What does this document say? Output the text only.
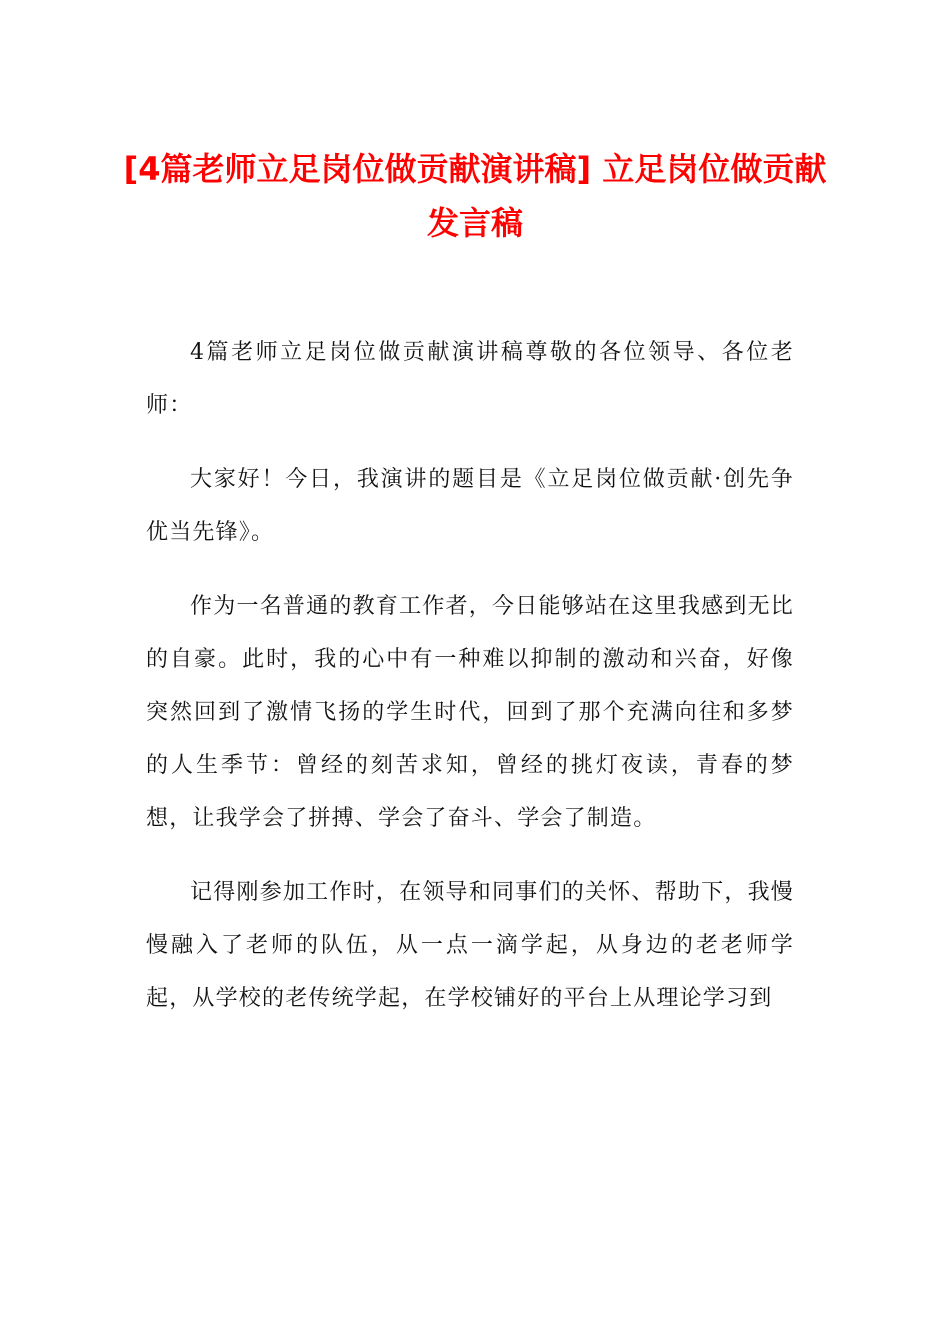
[4篇老师立足岗位做贡献演讲稿] 立足岗位做贡献发言稿

4篇老师立足岗位做贡献演讲稿尊敬的各位领导、各位老师：

大家好！今日，我演讲的题目是《立足岗位做贡献·创先争优当先锋》。

作为一名普通的教育工作者，今日能够站在这里我感到无比的自豪。此时，我的心中有一种难以抑制的激动和兴奋，好像突然回到了激情飞扬的学生时代，回到了那个充满向往和多梦的人生季节：曾经的刻苦求知，曾经的挑灯夜读，青春的梦想，让我学会了拼搏、学会了奋斗、学会了制造。

记得刚参加工作时，在领导和同事们的关怀、帮助下，我慢慢融入了老师的队伍，从一点一滴学起，从身边的老老师学起，从学校的老传统学起，在学校铺好的平台上从理论学习到
